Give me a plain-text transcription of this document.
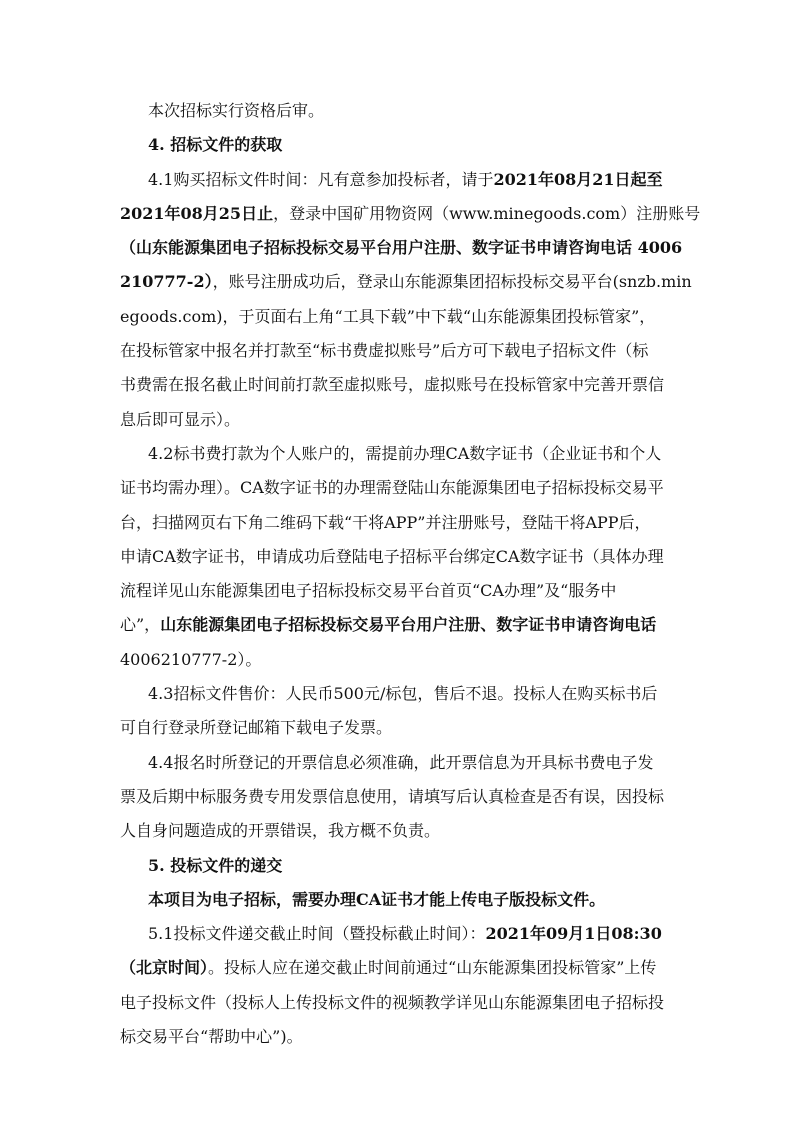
本次招标实行资格后审。
4. 招标文件的获取
4.1购买招标文件时间：凡有意参加投标者，请于2021年08月21日起至
2021年08月25日止，登录中国矿用物资网（www.minegoods.com）注册账号
（山东能源集团电子招标投标交易平台用户注册、数字证书申请咨询电话 4006
210777-2），账号注册成功后，登录山东能源集团招标投标交易平台(snzb.min
egoods.com)，于页面右上角“工具下载”中下载“山东能源集团投标管家”，
在投标管家中报名并打款至“标书费虚拟账号”后方可下载电子招标文件（标
书费需在报名截止时间前打款至虚拟账号，虚拟账号在投标管家中完善开票信
息后即可显示）。
4.2标书费打款为个人账户的，需提前办理CA数字证书（企业证书和个人
证书均需办理）。CA数字证书的办理需登陆山东能源集团电子招标投标交易平
台，扫描网页右下角二维码下载“干将APP”并注册账号，登陆干将APP后，
申请CA数字证书，申请成功后登陆电子招标平台绑定CA数字证书（具体办理
流程详见山东能源集团电子招标投标交易平台首页“CA办理”及“服务中
心”，山东能源集团电子招标投标交易平台用户注册、数字证书申请咨询电话
4006210777-2）。
4.3招标文件售价：人民币500元/标包，售后不退。投标人在购买标书后
可自行登录所登记邮箱下载电子发票。
4.4报名时所登记的开票信息必须准确，此开票信息为开具标书费电子发
票及后期中标服务费专用发票信息使用，请填写后认真检查是否有误，因投标
人自身问题造成的开票错误，我方概不负责。
5. 投标文件的递交
本项目为电子招标，需要办理CA证书才能上传电子版投标文件。
5.1投标文件递交截止时间（暨投标截止时间）：2021年09月1日08:30
（北京时间）。投标人应在递交截止时间前通过“山东能源集团投标管家”上传
电子投标文件（投标人上传投标文件的视频教学详见山东能源集团电子招标投
标交易平台“帮助中心”)。
